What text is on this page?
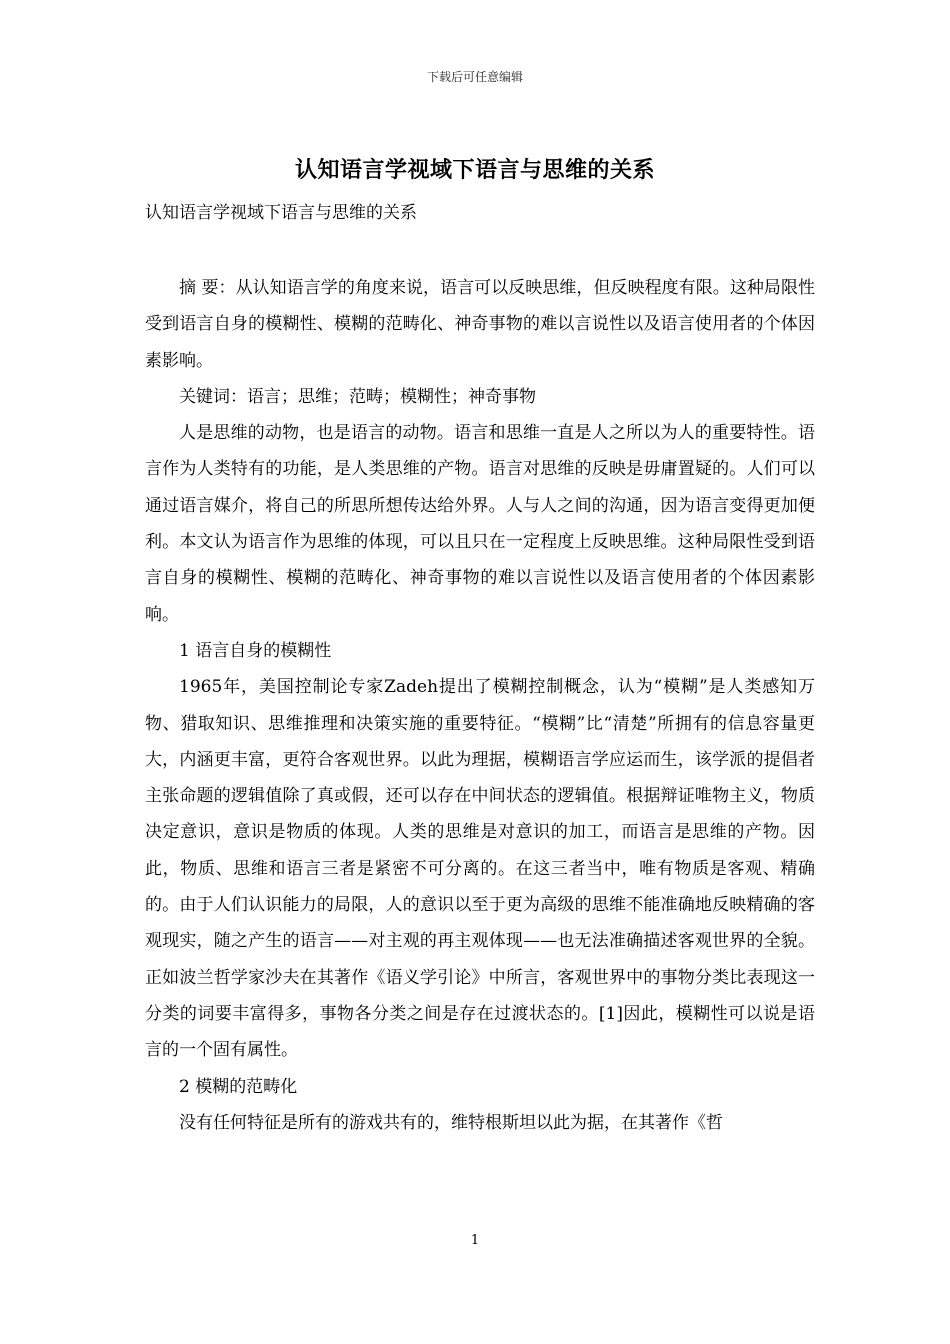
下载后可任意编辑
认知语言学视域下语言与思维的关系
认知语言学视域下语言与思维的关系

摘 要：从认知语言学的角度来说，语言可以反映思维，但反映程度有限。这种局限性受到语言自身的模糊性、模糊的范畴化、神奇事物的难以言说性以及语言使用者的个体因素影响。

关键词：语言；思维；范畴；模糊性；神奇事物

人是思维的动物，也是语言的动物。语言和思维一直是人之所以为人的重要特性。语言作为人类特有的功能，是人类思维的产物。语言对思维的反映是毋庸置疑的。人们可以通过语言媒介，将自己的所思所想传达给外界。人与人之间的沟通，因为语言变得更加便利。本文认为语言作为思维的体现，可以且只在一定程度上反映思维。这种局限性受到语言自身的模糊性、模糊的范畴化、神奇事物的难以言说性以及语言使用者的个体因素影响。

1 语言自身的模糊性

1965年，美国控制论专家Zadeh提出了模糊控制概念，认为“模糊”是人类感知万物、猎取知识、思维推理和决策实施的重要特征。“模糊”比“清楚”所拥有的信息容量更大，内涵更丰富，更符合客观世界。以此为理据，模糊语言学应运而生，该学派的提倡者主张命题的逻辑值除了真或假，还可以存在中间状态的逻辑值。根据辩证唯物主义，物质决定意识，意识是物质的体现。人类的思维是对意识的加工，而语言是思维的产物。因此，物质、思维和语言三者是紧密不可分离的。在这三者当中，唯有物质是客观、精确的。由于人们认识能力的局限，人的意识以至于更为高级的思维不能准确地反映精确的客观现实，随之产生的语言——对主观的再主观体现——也无法准确描述客观世界的全貌。正如波兰哲学家沙夫在其著作《语义学引论》中所言，客观世界中的事物分类比表现这一分类的词要丰富得多，事物各分类之间是存在过渡状态的。[1]因此，模糊性可以说是语言的一个固有属性。

2 模糊的范畴化

没有任何特征是所有的游戏共有的，维特根斯坦以此为据，在其著作《哲

1
